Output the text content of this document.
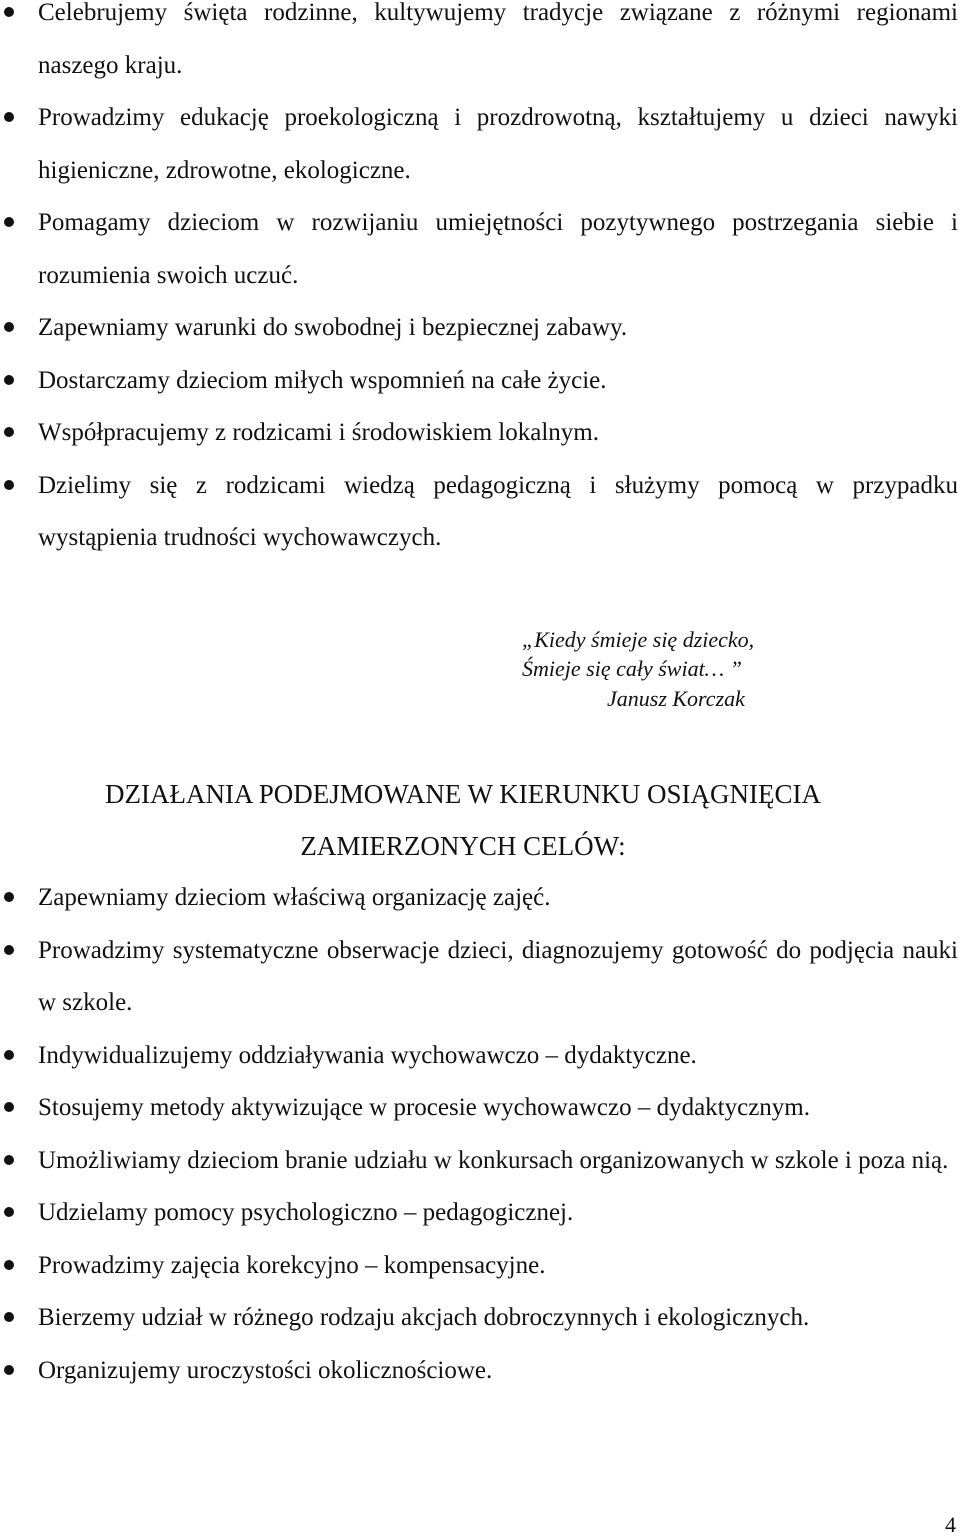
Celebrujemy święta rodzinne, kultywujemy tradycje związane z różnymi regionami naszego kraju.
Prowadzimy edukację proekologiczną i prozdrowotną, kształtujemy u dzieci nawyki higieniczne, zdrowotne, ekologiczne.
Pomagamy dzieciom w rozwijaniu umiejętności pozytywnego postrzegania siebie i rozumienia swoich uczuć.
Zapewniamy warunki do swobodnej i bezpiecznej zabawy.
Dostarczamy dzieciom miłych wspomnień na całe życie.
Współpracujemy z rodzicami i środowiskiem lokalnym.
Dzielimy się z rodzicami wiedzą pedagogiczną i służymy pomocą w przypadku wystąpienia trudności wychowawczych.
„Kiedy śmieje się dziecko,
Śmieje się cały świat… ”
Janusz Korczak
DZIAŁANIA PODEJMOWANE W KIERUNKU OSIĄGNIĘCIA
ZAMIERZONYCH CELÓW:
Zapewniamy dzieciom właściwą organizację zajęć.
Prowadzimy systematyczne obserwacje dzieci, diagnozujemy gotowość do podjęcia nauki w szkole.
Indywidualizujemy oddziaływania wychowawczo – dydaktyczne.
Stosujemy metody aktywizujące w procesie wychowawczo – dydaktycznym.
Umożliwiamy dzieciom branie udziału w konkursach organizowanych w szkole i poza nią.
Udzielamy pomocy psychologiczno – pedagogicznej.
Prowadzimy zajęcia korekcyjno – kompensacyjne.
Bierzemy udział w różnego rodzaju akcjach dobroczynnych i ekologicznych.
Organizujemy uroczystości okolicznościowe.
4
